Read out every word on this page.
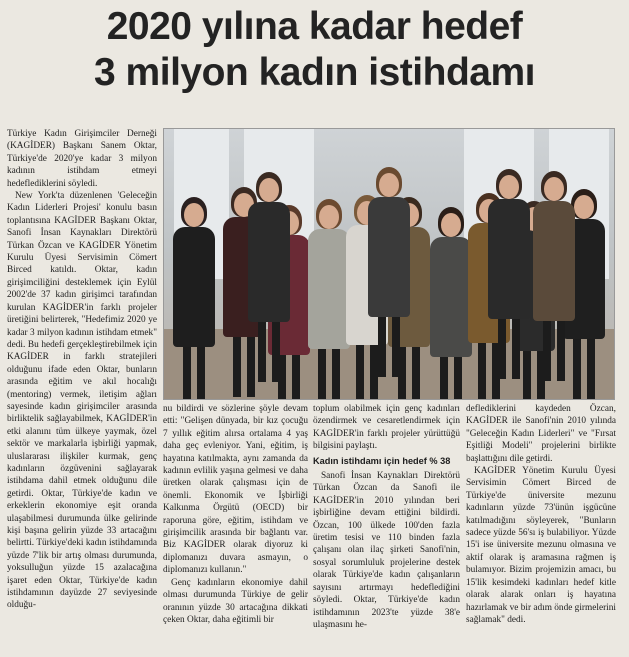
2020 yılına kadar hedef
3 milyon kadın istihdamı

Türkiye Kadın Girişimciler Derneği (KAGİDER) Başkanı Sanem Oktar, Türkiye'de 2020'ye kadar 3 milyon kadının istihdam etmeyi hedeflediklerini söyledi.

New York'ta düzenlenen 'Geleceğin Kadın Liderleri Projesi' konulu basın toplantısına KAGİDER Başkanı Oktar, Sanofi İnsan Kaynakları Direktörü Türkan Özcan ve KAGİDER Yönetim Kurulu Üyesi Servisimin Cömert Birced katıldı. Oktar, kadın girişimciliğini desteklemek için Eylül 2002'de 37 kadın girişimci tarafından kurulan KAGİDER'in farklı projeler üretiğini belirterek, "Hedefimiz 2020 ye kadar 3 milyon kadının istihdam etmek" dedi. Bu hedefi gerçekleştirebilmek için KAGİDER in farklı stratejileri olduğunu ifade eden Oktar, bunların arasında eğitim ve akıl hocalığı (mentoring) vermek, iletişim ağları sayesinde kadın girişimciler arasında birliktelik sağlayabilmek, KAGİDER'in etki alanını tüm ülkeye yaymak, özel sektör ve markalarla işbirliği yapmak, uluslararası ilişkiler kurmak, genç kadınların özgüvenini sağlayarak istihdama dahil etmek olduğunu dile getirdi. Oktar, Türkiye'de kadın ve erkeklerin ekonomiye eşit oranda ulaşabilmesi durumunda ülke gelirinde kişi başına gelirin yüzde 33 artacağını belirtti. Türkiye'deki kadın istihdamında yüzde 7'lik bir artış olması durumunda, yoksulluğun yüzde 15 azalacağına işaret eden Oktar, Türkiye'de kadın istihdamının dayüzde 27 seviyesinde olduğu-

nu bildirdi ve sözlerine şöyle devam etti: "Gelişen dünyada, bir kız çocuğu 7 yıllık eğitim alırsa ortalama 4 yaş daha geç evleniyor. Yani, eğitim, iş hayatına katılmakta, aynı zamanda da kadının evlilik yaşına gelmesi ve daha üretken olarak çalışması için de önemli. Ekonomik ve İşbirliği Kalkınma Örgütü (OECD) bir raporuna göre, eğitim, istihdam ve girişimcilik arasında bir bağlantı var. Biz KAGİDER olarak diyoruz ki diplomanızı duvara asmayın, o diplomanızı kullanın."

Genç kadınların ekonomiye dahil olması durumunda Türkiye de gelir oranının yüzde 30 artacağına dikkati çeken Oktar, daha eğitimli bir

toplum olabilmek için genç kadınları özendirmek ve cesaretlendirmek için KAGİDER'in farklı projeler yürüttüğü bilgisini paylaştı.

Kadın istihdamı için hedef % 38

Sanofi İnsan Kaynakları Direktörü Türkan Özcan da Sanofi ile KAGİDER'in 2010 yılından beri işbirliğine devam ettiğini bildirdi. Özcan, 100 ülkede 100'den fazla üretim tesisi ve 110 binden fazla çalışanı olan ilaç şirketi Sanofi'nin, sosyal sorumluluk projelerine destek olarak Türkiye'de kadın çalışanların sayısını artırmayı hedeflediğini söyledi. Oktar, Türkiye'de kadın istihdamının 2023'te yüzde 38'e ulaşmasını he-

deflediklerini kaydeden Özcan, KAGİDER ile Sanofi'nin 2010 yılında "Geleceğin Kadın Liderleri" ve "Fırsat Eşitliği Modeli" projelerini birlikte başlattığını dile getirdi.

KAGİDER Yönetim Kurulu Üyesi Servisimin Cömert Birced de Türkiye'de üniversite mezunu kadınların yüzde 73'ünün işgücüne katılmadığını söyleyerek, "Bunların sadece yüzde 56'sı iş bulabiliyor. Yüzde 15'i ise üniversite mezunu olmasına ve aktif olarak iş aramasına rağmen iş bulamıyor. Bizim projemizin amacı, bu 15'lik kesimdeki kadınları hedef kitle olarak alarak onları iş hayatına hazırlamak ve bir adım önde girmelerini sağlamak" dedi.
